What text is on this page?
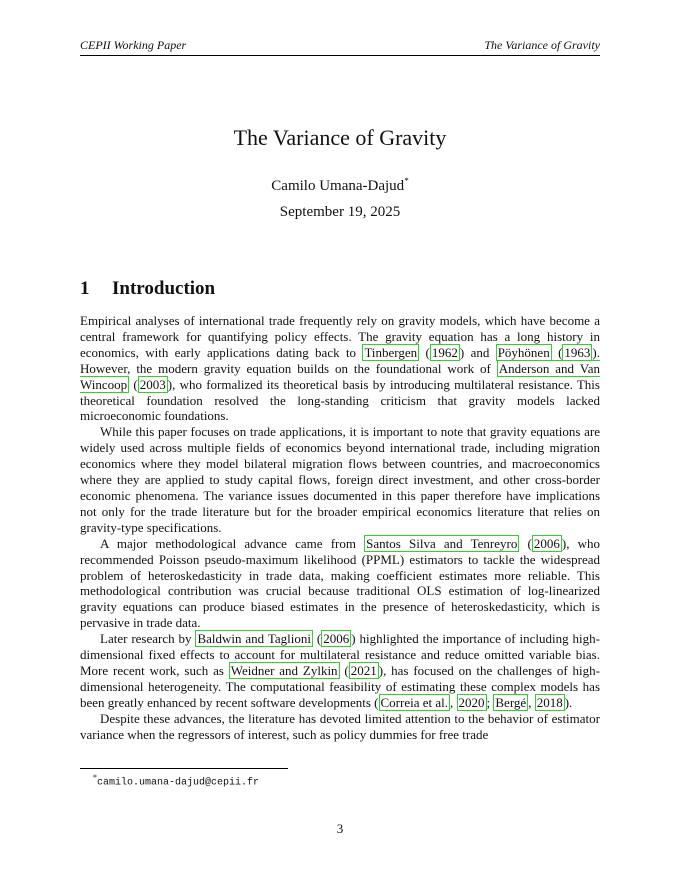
CEPII Working Paper	The Variance of Gravity
The Variance of Gravity
Camilo Umana-Dajud*
September 19, 2025
1 Introduction

Empirical analyses of international trade frequently rely on gravity models, which have become a central framework for quantifying policy effects. The gravity equation has a long history in economics, with early applications dating back to Tinbergen ( 1962 ) and Pöyhönen ( 1963 ). However, the modern gravity equation builds on the foundational work of Anderson and Van Wincoop ( 2003 ), who formalized its theoretical basis by introducing multilateral resistance. This theoretical foundation resolved the long-standing criticism that gravity models lacked microeconomic foundations.

While this paper focuses on trade applications, it is important to note that gravity equations are widely used across multiple fields of economics beyond international trade, including migration economics where they model bilateral migration flows between countries, and macroeconomics where they are applied to study capital flows, foreign direct investment, and other cross-border economic phenomena. The variance issues documented in this paper therefore have implications not only for the trade literature but for the broader empirical economics literature that relies on gravity-type specifications.

A major methodological advance came from Santos Silva and Tenreyro ( 2006 ), who recommended Poisson pseudo-maximum likelihood (PPML) estimators to tackle the widespread problem of heteroskedasticity in trade data, making coefficient estimates more reliable. This methodological contribution was crucial because traditional OLS estimation of log-linearized gravity equations can produce biased estimates in the presence of heteroskedasticity, which is pervasive in trade data.

Later research by Baldwin and Taglioni ( 2006 ) highlighted the importance of including high-dimensional fixed effects to account for multilateral resistance and reduce omitted variable bias. More recent work, such as Weidner and Zylkin ( 2021 ), has focused on the challenges of high-dimensional heterogeneity. The computational feasibility of estimating these complex models has been greatly enhanced by recent software developments ( Correia et al. , 2020 ; Bergé , 2018 ).

Despite these advances, the literature has devoted limited attention to the behavior of estimator variance when the regressors of interest, such as policy dummies for free trade

*camilo.umana-dajud@cepii.fr
3
